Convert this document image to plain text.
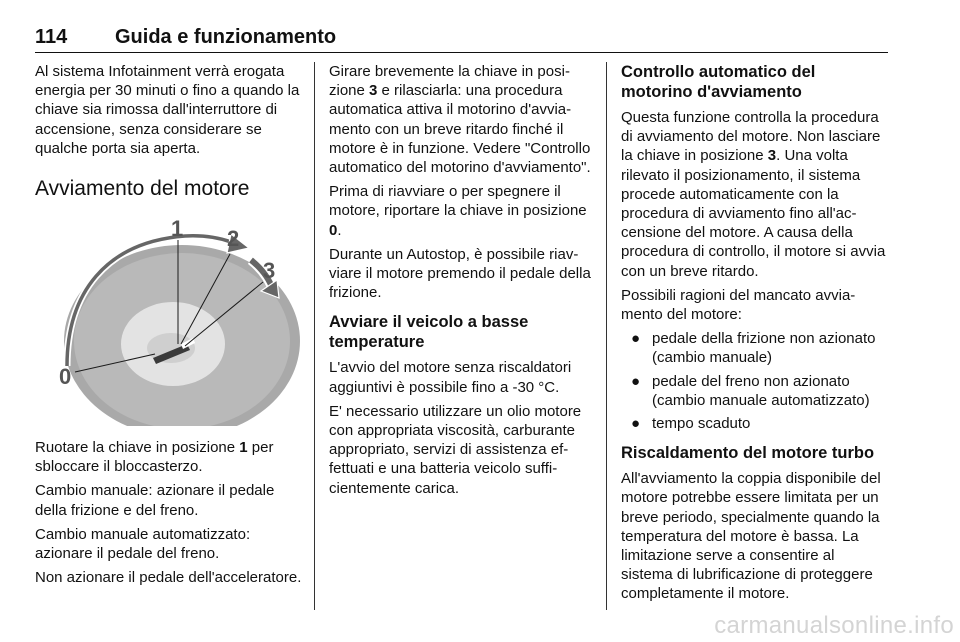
114 Guida e funzionamento

Al sistema Infotainment verrà erogata energia per 30 minuti o fino a quando la chiave sia rimossa dall'interruttore di accensione, senza considerare se qualche porta sia aperta.

Avviamento del motore
0
1 2
3

Ruotare la chiave in posizione 1 per sbloccare il bloccasterzo.

Cambio manuale: azionare il pedale della frizione e del freno.

Cambio manuale automatizzato: azionare il pedale del freno.

Non azionare il pedale dell'acceleratore.

Girare brevemente la chiave in posizione 3 e rilasciarla: una procedura automatica attiva il motorino d'avviamento con un breve ritardo finché il motore è in funzione. Vedere "Controllo automatico del motorino d'avviamento".

Prima di riavviare o per spegnere il motore, riportare la chiave in posizione 0.

Durante un Autostop, è possibile riavviare il motore premendo il pedale della frizione.

Avviare il veicolo a basse temperature

L'avvio del motore senza riscaldatori aggiuntivi è possibile fino a -30 °C.

E' necessario utilizzare un olio motore con appropriata viscosità, carburante appropriato, servizi di assistenza effettuati e una batteria veicolo sufficientemente carica.

Controllo automatico del motorino d'avviamento

Questa funzione controlla la procedura di avviamento del motore. Non lasciare la chiave in posizione 3. Una volta rilevato il posizionamento, il sistema procede automaticamente con la procedura di avviamento fino all'accensione del motore. A causa della procedura di controllo, il motore si avvia con un breve ritardo.

Possibili ragioni del mancato avviamento del motore:

● pedale della frizione non azionato (cambio manuale)
● pedale del freno non azionato (cambio manuale automatizzato)
● tempo scaduto
Riscaldamento del motore turbo

All'avviamento la coppia disponibile del motore potrebbe essere limitata per un breve periodo, specialmente quando la temperatura del motore è bassa. La limitazione serve a consentire al sistema di lubrificazione di proteggere completamente il motore.

carmanualsonline.info
